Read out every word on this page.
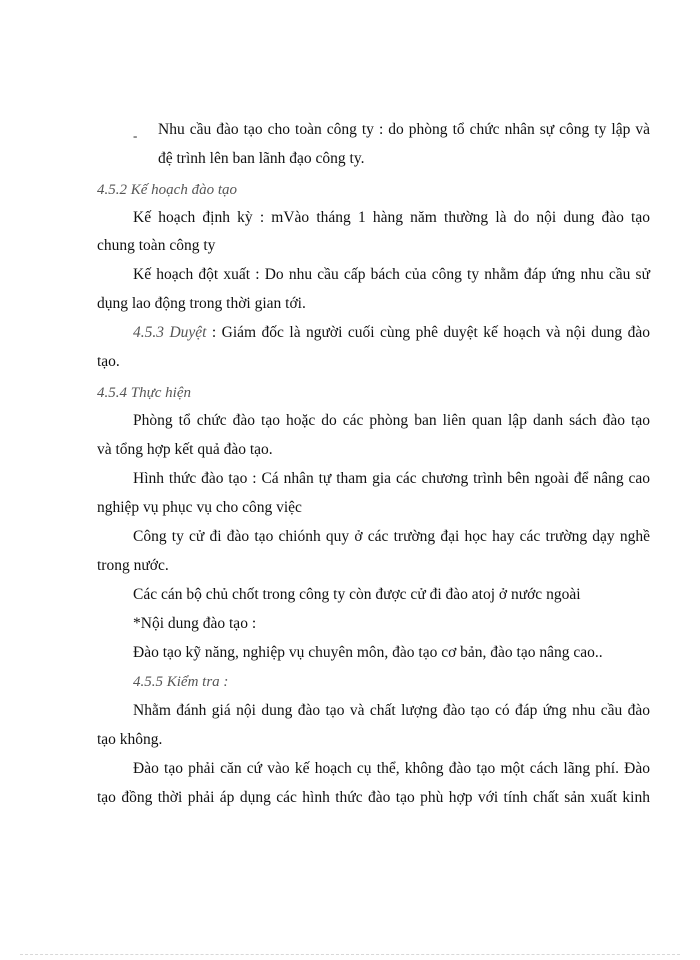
- Nhu cầu đào tạo cho toàn công ty : do phòng tổ chức nhân sự công ty lập và
đệ trình lên ban lãnh đạo công ty.
4.5.2 Kế hoạch đào tạo
Kế hoạch định kỳ : mVào tháng 1 hàng năm thường là do nội dung đào tạo
chung toàn công ty
Kế hoạch đột xuất : Do nhu cầu cấp bách của công ty nhằm đáp ứng nhu cầu sử
dụng lao động trong thời gian tới.
4.5.3 Duyệt : Giám đốc là người cuối cùng phê duyệt kế hoạch và nội dung đào
tạo.
4.5.4 Thực hiện
Phòng tổ chức đào tạo hoặc do các phòng ban liên quan lập danh sách đào tạo
và tổng hợp kết quả đào tạo.
Hình thức đào tạo : Cá nhân tự tham gia các chương trình bên ngoài để nâng cao
nghiệp vụ phục vụ cho công việc
Công ty cử đi đào tạo chiónh quy ở các trường đại học hay các trường dạy nghề
trong nước.
Các cán bộ chủ chốt trong công ty còn được cử đi đào atoj ở nước ngoài
*Nội dung đào tạo :
Đào tạo kỹ năng, nghiệp vụ chuyên môn, đào tạo cơ bản, đào tạo nâng cao..
4.5.5 Kiểm tra :
Nhằm đánh giá nội dung đào tạo và chất lượng đào tạo có đáp ứng nhu cầu đào
tạo không.
Đào tạo phải căn cứ vào kế hoạch cụ thể, không đào tạo một cách lãng phí. Đào
tạo đồng thời phải áp dụng các hình thức đào tạo phù hợp với tính chất sản xuất kinh
